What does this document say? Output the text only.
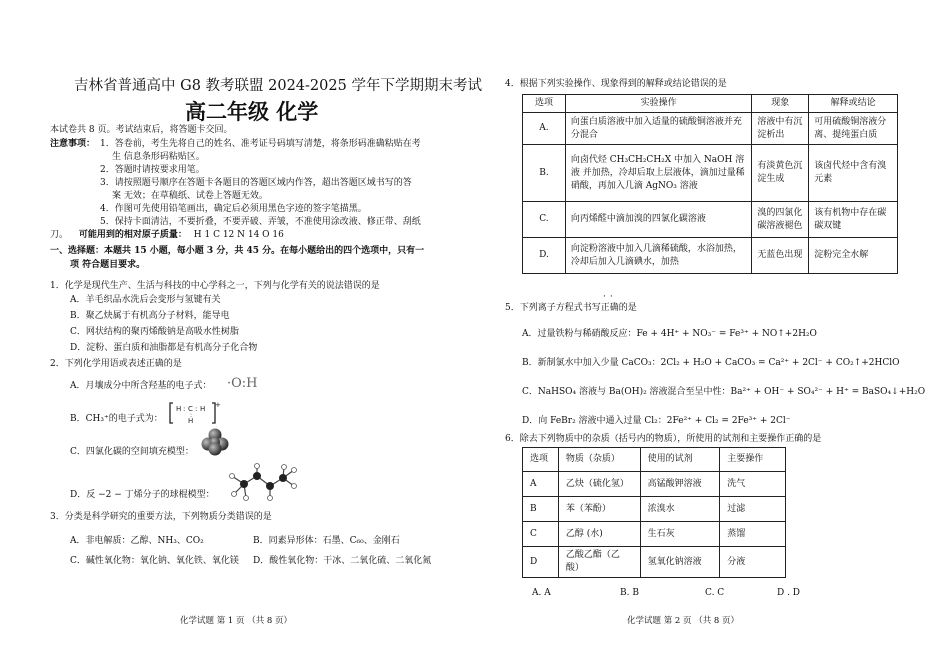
吉林省普通高中 G8 教考联盟 2024-2025 学年下学期期末考试
高二年级 化学
本试卷共 8 页。考试结束后，将答题卡交回。
注意事项： 1．答卷前，考生先将自己的姓名、准考证号码填写清楚，将条形码准确粘贴在考
生 信息条形码粘贴区。
2．答题时请按要求用笔。
3．请按照题号顺序在答题卡各题目的答题区域内作答，超出答题区域书写的答
案 无效；在草稿纸、试卷上答题无效。
4．作图可先使用铅笔画出，确定后必须用黑色字迹的签字笔描黑。
5．保持卡面清洁，不要折叠，不要弄破、弄皱，不准使用涂改液、修正带、刮纸
刀。 可能用到的相对原子质量： H 1 C 12 N 14 O 16
一、选择题：本题共 15 小题，每小题 3 分，共 45 分。在每小题给出的四个选项中，只有一
项 符合题目要求。
1．化学是现代生产、生活与科技的中心学科之一，下列与化学有关的说法错误的是
A．羊毛织品水洗后会变形与氢键有关
B．聚乙炔属于有机高分子材料，能导电
C．网状结构的聚丙烯酸钠是高吸水性树脂
D．淀粉、蛋白质和油脂都是有机高分子化合物
2．下列化学用语或表述正确的是
A．月壤成分中所含羟基的电子式： ·O:H
B．CH₃⁺的电子式为：
H : C : H
:
H
+
C．四氯化碳的空间填充模型：
D．反 −2 − 丁烯分子的球棍模型：
3．分类是科学研究的重要方法，下列物质分类错误的是
A．非电解质：乙醇、NH₃、CO₂	B．同素异形体：石墨、C₆₀、金刚石
C．碱性氧化物：氧化钠、氧化铁、氧化镁 D．酸性氧化物：干冰、二氧化硫、二氧化氮
化学试题 第 1 页 （共 8 页）
4．根据下列实验操作、现象得到的解释或结论错误的是
选项	实验操作	现象	解释或结论
A.	向蛋白质溶液中加入适量的硫酸铜溶液并充分混合	溶液中有沉淀析出	可用硫酸铜溶液分离、提纯蛋白质
B.	向卤代烃 CH₃CH₂CH₂X 中加入 NaOH 溶液 并加热，冷却后取上层液体，滴加过量稀 硝酸，再加入几滴 AgNO₃ 溶液	有淡黄色沉淀生成	该卤代烃中含有溴元素
C.	向丙烯醛中滴加溴的四氯化碳溶液	溴的四氯化碳溶液褪色	该有机物中存在碳碳双键
D.	向淀粉溶液中加入几滴稀硫酸，水浴加热，冷却后加入几滴碘水，加热	无蓝色出现	淀粉完全水解
··
5．下列离子方程式书写正确的是
A．过量铁粉与稀硝酸反应：Fe + 4H⁺ + NO₃⁻ = Fe³⁺ + NO↑+2H₂O
B．新制氯水中加入少量 CaCO₃：2Cl₂ + H₂O + CaCO₃ = Ca²⁺ + 2Cl⁻ + CO₂↑+2HClO
C．NaHSO₄ 溶液与 Ba(OH)₂ 溶液混合至呈中性：Ba²⁺ + OH⁻ + SO₄²⁻ + H⁺ = BaSO₄↓+H₂O
D．向 FeBr₂ 溶液中通入过量 Cl₂：2Fe²⁺ + Cl₂ = 2Fe³⁺ + 2Cl⁻
6．除去下列物质中的杂质（括号内的物质），所使用的试剂和主要操作正确的是
选项	物质（杂质）	使用的试剂	主要操作
A	乙炔（硫化氢）	高锰酸钾溶液	洗气
B	苯（苯酚）	浓溴水	过滤
C	乙醇 (水)	生石灰	蒸馏
D	乙酸乙酯（乙酸）	氢氧化钠溶液	分液
A. A	B. B	C. C	D . D
化学试题 第 2 页 （共 8 页）
